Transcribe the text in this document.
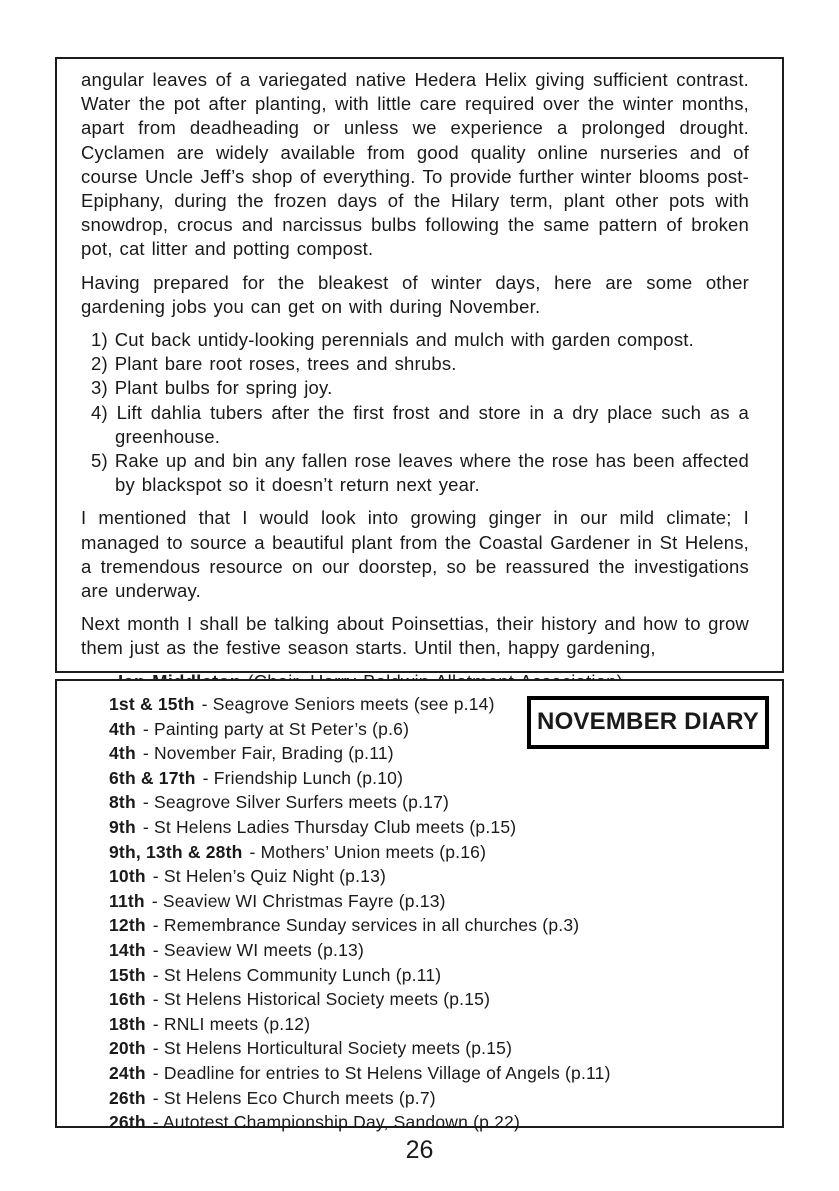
angular leaves of a variegated native Hedera Helix giving sufficient contrast. Water the pot after planting, with little care required over the winter months, apart from deadheading or unless we experience a prolonged drought. Cyclamen are widely available from good quality online nurseries and of course Uncle Jeff’s shop of everything. To provide further winter blooms post-Epiphany, during the frozen days of the Hilary term, plant other pots with snowdrop, crocus and narcissus bulbs following the same pattern of broken pot, cat litter and potting compost.

Having prepared for the bleakest of winter days, here are some other gardening jobs you can get on with during November.

1) Cut back untidy-looking perennials and mulch with garden compost.
2) Plant bare root roses, trees and shrubs.
3) Plant bulbs for spring joy.
4) Lift dahlia tubers after the first frost and store in a dry place such as a greenhouse.
5) Rake up and bin any fallen rose leaves where the rose has been affected by blackspot so it doesn’t return next year.

I mentioned that I would look into growing ginger in our mild climate; I managed to source a beautiful plant from the Coastal Gardener in St Helens, a tremendous resource on our doorstep, so be reassured the investigations are underway.

Next month I shall be talking about Poinsettias, their history and how to grow them just as the festive season starts. Until then, happy gardening,

NOVEMBER DIARY
1st & 15th - Seagrove Seniors meets (see p.14)
4th - Painting party at St Peter’s (p.6)
4th - November Fair, Brading (p.11)
6th & 17th - Friendship Lunch (p.10)
8th - Seagrove Silver Surfers meets (p.17)
9th - St Helens Ladies Thursday Club meets (p.15)
9th, 13th & 28th - Mothers’ Union meets (p.16)
10th - St Helen’s Quiz Night (p.13)
11th - Seaview WI Christmas Fayre (p.13)
12th - Remembrance Sunday services in all churches (p.3)
14th - Seaview WI meets (p.13)
15th - St Helens Community Lunch (p.11)
16th - St Helens Historical Society meets (p.15)
18th - RNLI meets (p.12)
20th - St Helens Horticultural Society meets (p.15)
24th - Deadline for entries to St Helens Village of Angels (p.11)
26th - St Helens Eco Church meets (p.7)
26th - Autotest Championship Day, Sandown (p.22)
26
